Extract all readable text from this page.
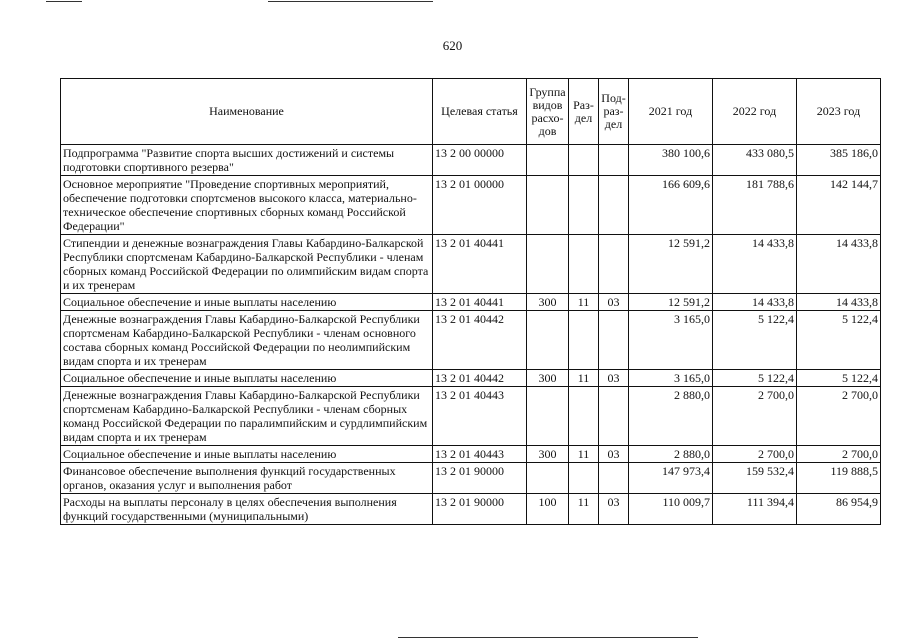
620
Наименование	Целевая статья	Группа видов расхо-дов	Раз-дел	Под-раз-дел	2021 год	2022 год	2023 год
Подпрограмма "Развитие спорта высших достижений и системы подготовки спортивного резерва"	13 2 00 00000				380 100,6	433 080,5	385 186,0
Основное мероприятие "Проведение спортивных мероприятий, обеспечение подготовки спортсменов высокого класса, материально-техническое обеспечение спортивных сборных команд Российской Федерации"	13 2 01 00000				166 609,6	181 788,6	142 144,7
Стипендии и денежные вознаграждения Главы Кабардино-Балкарской Республики спортсменам Кабардино-Балкарской Республики - членам сборных команд Российской Федерации по олимпийским видам спорта и их тренерам	13 2 01 40441				12 591,2	14 433,8	14 433,8
Социальное обеспечение и иные выплаты населению	13 2 01 40441	300	11	03	12 591,2	14 433,8	14 433,8
Денежные вознаграждения Главы Кабардино-Балкарской Республики спортсменам Кабардино-Балкарской Республики - членам основного состава сборных команд Российской Федерации по неолимпийским видам спорта и их тренерам	13 2 01 40442				3 165,0	5 122,4	5 122,4
Социальное обеспечение и иные выплаты населению	13 2 01 40442	300	11	03	3 165,0	5 122,4	5 122,4
Денежные вознаграждения Главы Кабардино-Балкарской Республики спортсменам Кабардино-Балкарской Республики - членам сборных команд Российской Федерации по паралимпийским и сурдлимпийским видам спорта и их тренерам	13 2 01 40443				2 880,0	2 700,0	2 700,0
Социальное обеспечение и иные выплаты населению	13 2 01 40443	300	11	03	2 880,0	2 700,0	2 700,0
Финансовое обеспечение выполнения функций государственных органов, оказания услуг и выполнения работ	13 2 01 90000				147 973,4	159 532,4	119 888,5
Расходы на выплаты персоналу в целях обеспечения выполнения функций государственными (муниципальными)	13 2 01 90000	100	11	03	110 009,7	111 394,4	86 954,9
